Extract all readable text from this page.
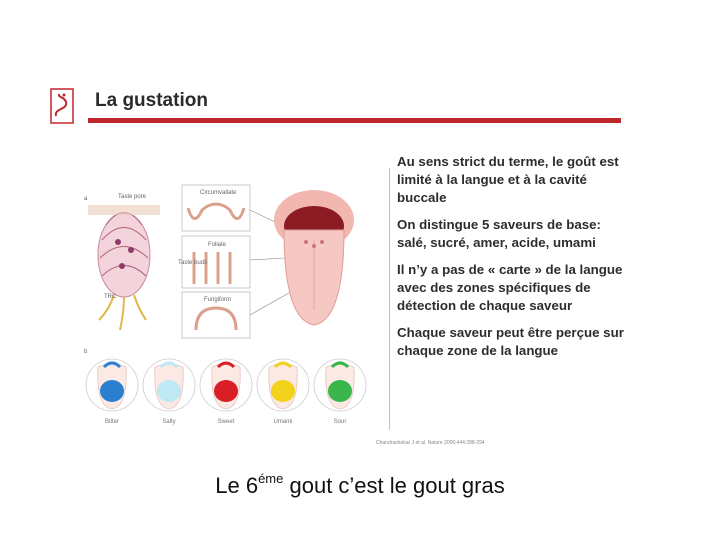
La gustation
a	Taste pore
TRC
Circumvallate
Foliate
Taste buds
Fungiform
b
Bitter	Salty	Sweet	Umami	Sour

Au sens strict du terme, le goût est limité à la langue et à la cavité buccale

On distingue 5 saveurs de base: salé, sucré, amer, acide, umami

Il n’y a pas de « carte » de la langue avec des zones spécifiques de détection de chaque saveur

Chaque saveur peut être perçue sur chaque zone de la langue

Chandrashekar J et al. Nature 2006;444:288-294
Le $6^{éme}$ gout c’est le gout gras
